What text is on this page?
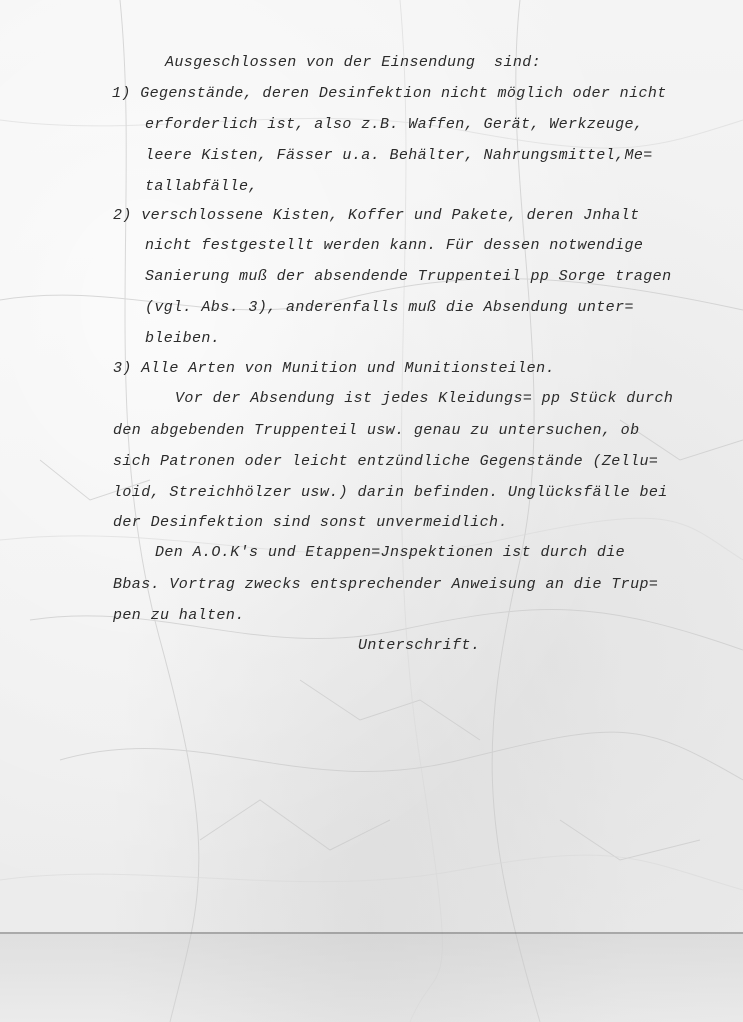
Ausgeschlossen von der Einsendung  sind:
1) Gegenstände, deren Desinfektion nicht möglich oder nicht
erforderlich ist, also z.B. Waffen, Gerät, Werkzeuge,
leere Kisten, Fässer u.a. Behälter, Nahrungsmittel,Me=
tallabfälle,
2) verschlossene Kisten, Koffer und Pakete, deren Jnhalt
nicht festgestellt werden kann. Für dessen notwendige
Sanierung muß der absendende Truppenteil pp Sorge tragen
(vgl. Abs. 3), anderenfalls muß die Absendung unter=
bleiben.
3) Alle Arten von Munition und Munitionsteilen.
Vor der Absendung ist jedes Kleidungs= pp Stück durch
den abgebenden Truppenteil usw. genau zu untersuchen, ob
sich Patronen oder leicht entzündliche Gegenstände (Zellu=
loid, Streichhölzer usw.) darin befinden. Unglücksfälle bei
der Desinfektion sind sonst unvermeidlich.
Den A.O.K's und Etappen=Jnspektionen ist durch die
Bbas. Vortrag zwecks entsprechender Anweisung an die Trup=
pen zu halten.
Unterschrift.
